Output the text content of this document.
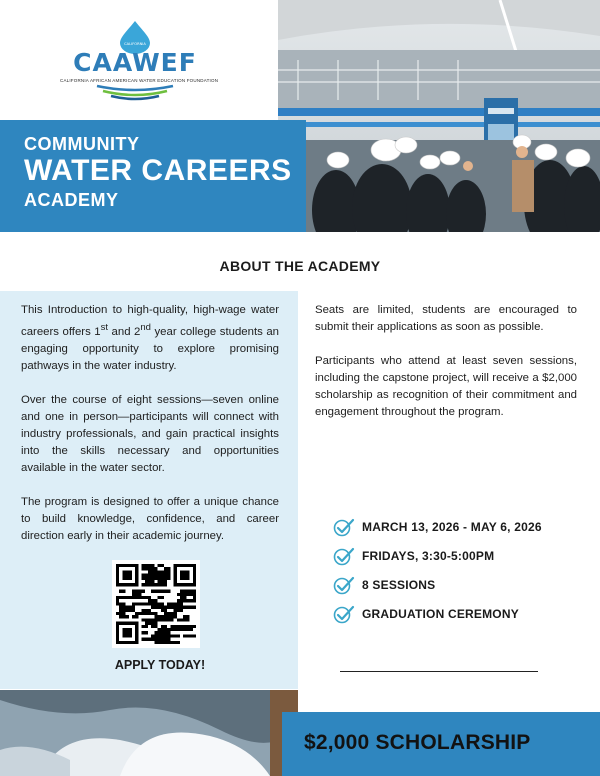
CALIFORNIA
CAAWEF
CALIFORNIA AFRICAN AMERICAN WATER EDUCATION FOUNDATION
COMMUNITY
WATER CAREERS
ACADEMY
ABOUT THE ACADEMY

This Introduction to high-quality, high-wage water careers offers 1st and 2nd year college students an engaging opportunity to explore promising pathways in the water industry.

Over the course of eight sessions—seven online and one in person—participants will connect with industry professionals, and gain practical insights into the skills necessary and opportunities available in the water sector.

The program is designed to offer a unique chance to build knowledge, confidence, and career direction early in their academic journey.

APPLY TODAY!

Seats are limited, students are encouraged to submit their applications as soon as possible.

Participants who attend at least seven sessions, including the capstone project, will receive a $2,000 scholarship as recognition of their commitment and engagement throughout the program.

MARCH 13, 2026 - MAY 6, 2026
FRIDAYS, 3:30-5:00PM
8 SESSIONS
GRADUATION CEREMONY
$2,000 SCHOLARSHIP
